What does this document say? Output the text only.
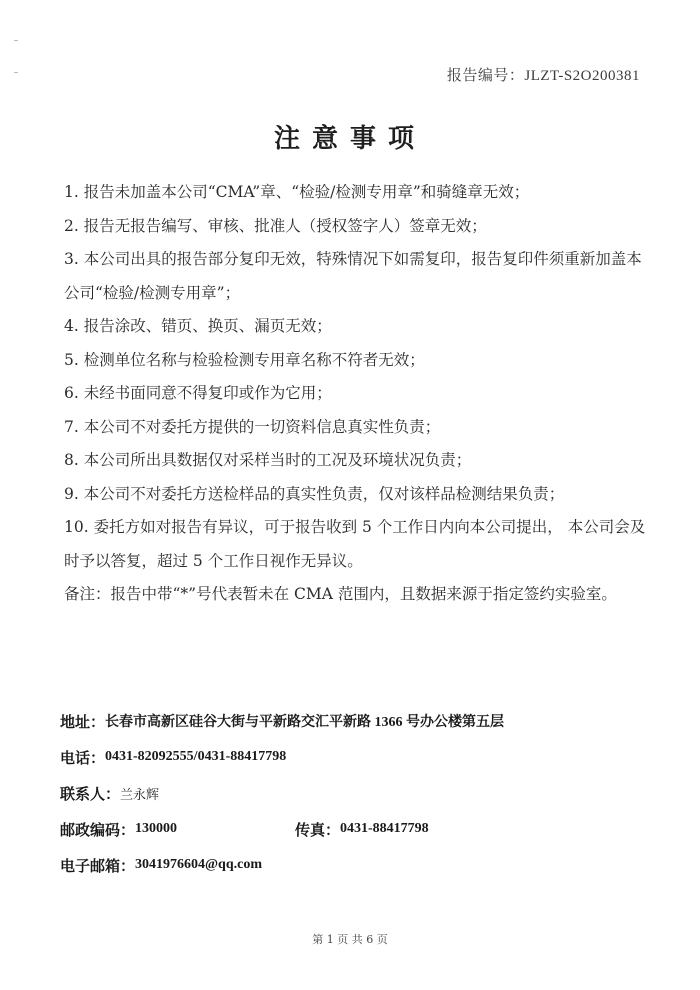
报告编号：JLZT-S2O200381
注意事项

1. 报告未加盖本公司“CMA”章、“检验/检测专用章”和骑缝章无效；

2. 报告无报告编写、审核、批准人（授权签字人）签章无效；

3. 本公司出具的报告部分复印无效，特殊情况下如需复印，报告复印件须重新加盖本公司“检验/检测专用章”；

4. 报告涂改、错页、换页、漏页无效；

5. 检测单位名称与检验检测专用章名称不符者无效；

6. 未经书面同意不得复印或作为它用；

7. 本公司不对委托方提供的一切资料信息真实性负责；

8. 本公司所出具数据仅对采样当时的工况及环境状况负责；

9. 本公司不对委托方送检样品的真实性负责，仅对该样品检测结果负责；

10. 委托方如对报告有异议，可于报告收到 5 个工作日内向本公司提出， 本公司会及时予以答复，超过 5 个工作日视作无异议。

备注：报告中带“*”号代表暂未在 CMA 范围内，且数据来源于指定签约实验室。

地址： 长春市高新区硅谷大街与平新路交汇平新路 1366 号办公楼第五层
电话： 0431-82092555/0431-88417798
联系人： 兰永辉
邮政编码： 130000	传真： 0431-88417798
电子邮箱： 3041976604@qq.com
第 1 页 共 6 页
